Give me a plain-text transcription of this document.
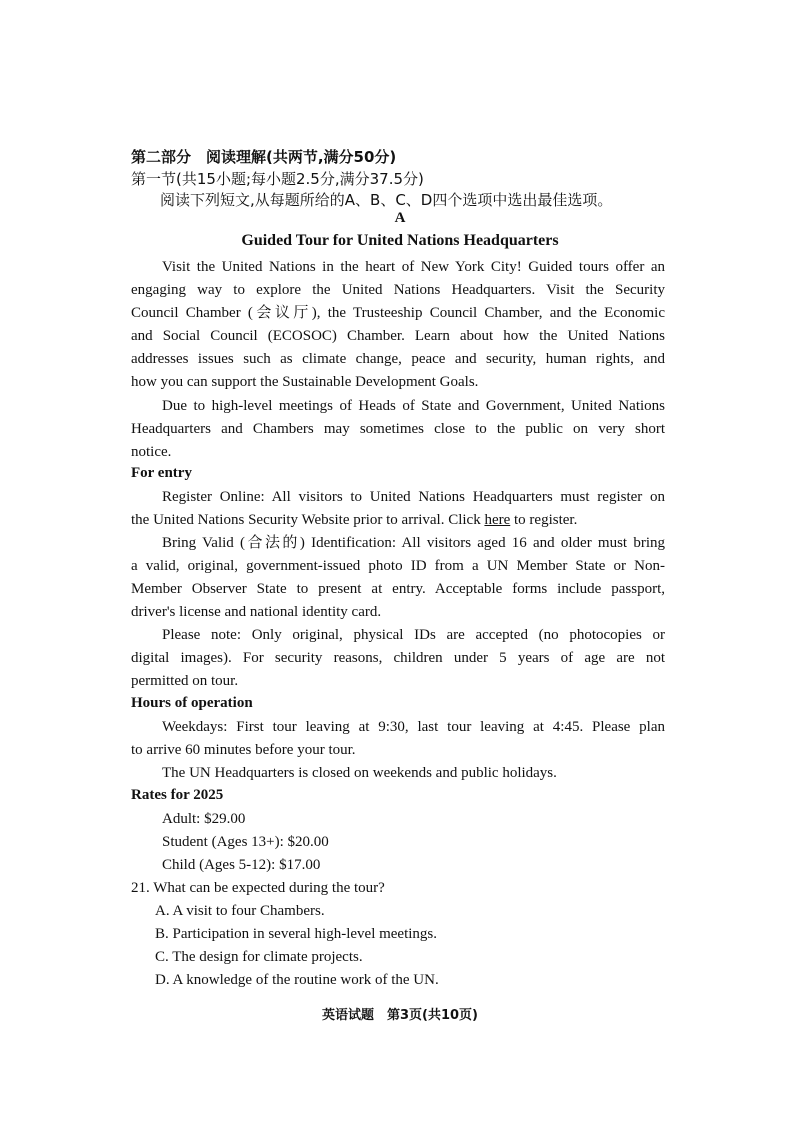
第二部分　阅读理解(共两节,满分50分)
第一节(共15小题;每小题2.5分,满分37.5分)
阅读下列短文,从每题所给的A、B、C、D四个选项中选出最佳选项。
A
Guided Tour for United Nations Headquarters
Visit the United Nations in the heart of New York City! Guided tours offer an
engaging way to explore the United Nations Headquarters. Visit the Security
Council Chamber (会议厅), the Trusteeship Council Chamber, and the Economic
and Social Council (ECOSOC) Chamber. Learn about how the United Nations
addresses issues such as climate change, peace and security, human rights, and
how you can support the Sustainable Development Goals.
Due to high-level meetings of Heads of State and Government, United Nations
Headquarters and Chambers may sometimes close to the public on very short
notice.
For entry
Register Online: All visitors to United Nations Headquarters must register on
the United Nations Security Website prior to arrival. Click here to register.
Bring Valid (合法的) Identification: All visitors aged 16 and older must bring
a valid, original, government-issued photo ID from a UN Member State or Non-
Member Observer State to present at entry. Acceptable forms include passport,
driver's license and national identity card.
Please note: Only original, physical IDs are accepted (no photocopies or
digital images). For security reasons, children under 5 years of age are not
permitted on tour.
Hours of operation
Weekdays: First tour leaving at 9:30, last tour leaving at 4:45. Please plan
to arrive 60 minutes before your tour.
The UN Headquarters is closed on weekends and public holidays.
Rates for 2025
Adult: $29.00
Student (Ages 13+): $20.00
Child (Ages 5-12): $17.00
21. What can be expected during the tour?
A. A visit to four Chambers.
B. Participation in several high-level meetings.
C. The design for climate projects.
D. A knowledge of the routine work of the UN.
英语试题　第3页(共10页)
